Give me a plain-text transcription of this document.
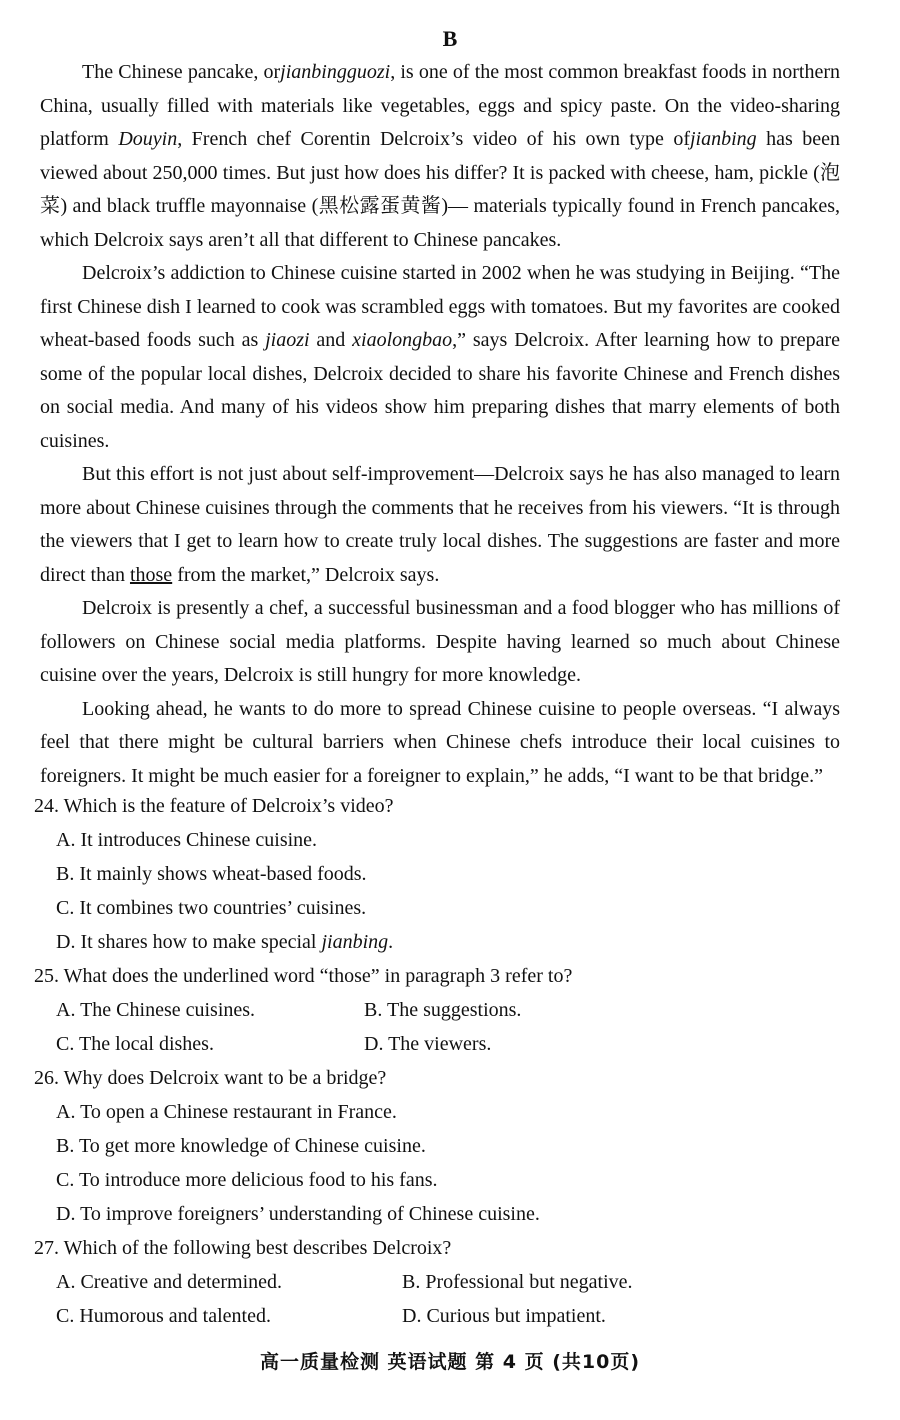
B

The Chinese pancake, orjianbingguozi, is one of the most common breakfast foods in northern China, usually filled with materials like vegetables, eggs and spicy paste. On the video-sharing platform Douyin, French chef Corentin Delcroix’s video of his own type ofjianbing has been viewed about 250,000 times. But just how does his differ? It is packed with cheese, ham, pickle (泡菜) and black truffle mayonnaise (黑松露蛋黄酱)— materials typically found in French pancakes, which Delcroix says aren’t all that different to Chinese pancakes.

Delcroix’s addiction to Chinese cuisine started in 2002 when he was studying in Beijing. “The first Chinese dish I learned to cook was scrambled eggs with tomatoes. But my favorites are cooked wheat-based foods such as jiaozi and xiaolongbao,” says Delcroix. After learning how to prepare some of the popular local dishes, Delcroix decided to share his favorite Chinese and French dishes on social media. And many of his videos show him preparing dishes that marry elements of both cuisines.

But this effort is not just about self-improvement—Delcroix says he has also managed to learn more about Chinese cuisines through the comments that he receives from his viewers. “It is through the viewers that I get to learn how to create truly local dishes. The suggestions are faster and more direct than those from the market,” Delcroix says.

Delcroix is presently a chef, a successful businessman and a food blogger who has millions of followers on Chinese social media platforms. Despite having learned so much about Chinese cuisine over the years, Delcroix is still hungry for more knowledge.

Looking ahead, he wants to do more to spread Chinese cuisine to people overseas. “I always feel that there might be cultural barriers when Chinese chefs introduce their local cuisines to foreigners. It might be much easier for a foreigner to explain,” he adds, “I want to be that bridge.”

24. Which is the feature of Delcroix’s video?

A. It introduces Chinese cuisine.

B. It mainly shows wheat-based foods.

C. It combines two countries’ cuisines.

D. It shares how to make special jianbing.

25. What does the underlined word “those” in paragraph 3 refer to?

A. The Chinese cuisines.	B. The suggestions.
C. The local dishes.	D. The viewers.

26. Why does Delcroix want to be a bridge?

A. To open a Chinese restaurant in France.

B. To get more knowledge of Chinese cuisine.

C. To introduce more delicious food to his fans.

D. To improve foreigners’ understanding of Chinese cuisine.

27. Which of the following best describes Delcroix?

A. Creative and determined.	B. Professional but negative.
C. Humorous and talented.	D. Curious but impatient.
高一质量检测 英语试题 第 4 页 (共10页)
